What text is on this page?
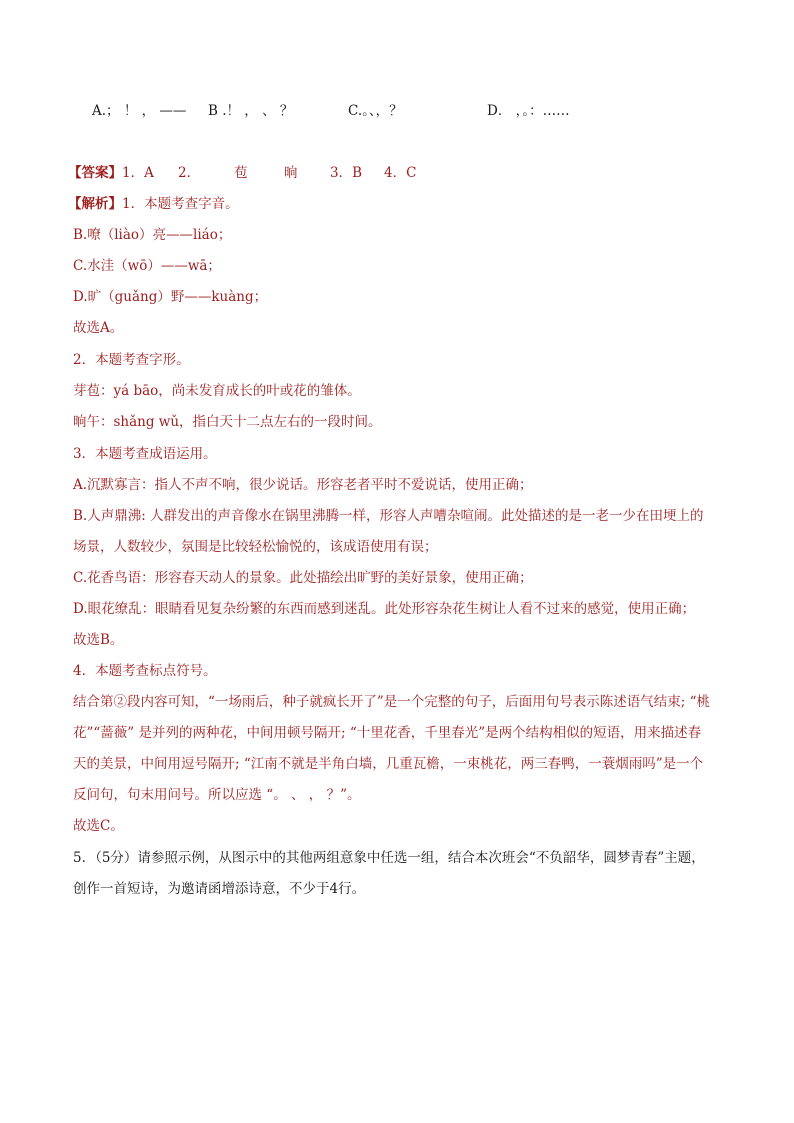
A.； ！ ， —— B .！ ， 、 ？	C.。、，？	D． ，。：……
【答案】1．A 2．	苞	晌 3．B 4．C
【解析】1．本题考查字音。
B.嘹（liào）亮——liáo；
C.水洼（wō）——wā；
D.旷（guǎng）野——kuàng；
故选A。
2．本题考查字形。
芽苞：yá bāo，尚未发育成长的叶或花的雏体。
晌午：shǎng wǔ，指白天十二点左右的一段时间。
3．本题考查成语运用。
A.沉默寡言：指人不声不响，很少说话。形容老者平时不爱说话，使用正确；
B.人声鼎沸: 人群发出的声音像水在锅里沸腾一样，形容人声嘈杂喧闹。此处描述的是一老一少在田埂上的
场景，人数较少，氛围是比较轻松愉悦的，该成语使用有误；
C.花香鸟语：形容春天动人的景象。此处描绘出旷野的美好景象，使用正确；
D.眼花缭乱：眼睛看见复杂纷繁的东西而感到迷乱。此处形容杂花生树让人看不过来的感觉，使用正确；
故选B。
4．本题考查标点符号。
结合第②段内容可知，“一场雨后，种子就疯长开了”是一个完整的句子，后面用句号表示陈述语气结束; “桃
花”“蔷薇” 是并列的两种花，中间用顿号隔开; “十里花香，千里春光”是两个结构相似的短语，用来描述春
天的美景，中间用逗号隔开; “江南不就是半角白墙，几重瓦檐，一束桃花，两三春鸭，一蓑烟雨吗”是一个
反问句，句末用问号。所以应选 “。 、 ， ？”。
故选C。
5．（5分）请参照示例，从图示中的其他两组意象中任选一组，结合本次班会“不负韶华，圆梦青春”主题，
创作一首短诗，为邀请函增添诗意，不少于4行。
